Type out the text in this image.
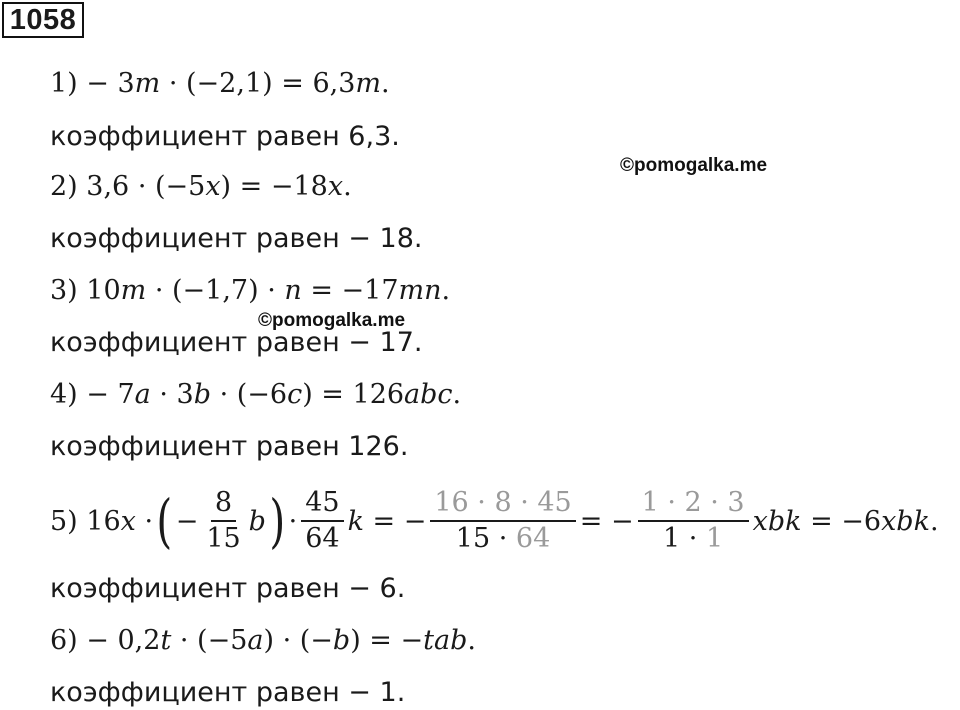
1058
1) − 3𝑚 · (−2,1) = 6,3𝑚.
коэффициент равен 6,3.
©pomogalka.me
2) 3,6 · (−5𝑥) = −18𝑥.
коэффициент равен − 18.
3) 10𝑚 · (−1,7) · 𝑛 = −17𝑚𝑛.
©pomogalka.me
коэффициент равен − 17.
4) − 7𝑎 · 3𝑏 · (−6𝑐) = 126𝑎𝑏𝑐.
коэффициент равен 126.
5) 16𝑥 · ( − $\frac{8}{15}$ 𝑏 ) · $\frac{45}{64}$ 𝑘 = − $\frac{16 \cdot 8 \cdot 45}{15 \cdot 64}$ = − $\frac{1 \cdot 2 \cdot 3}{1 \cdot 1}$ 𝑥𝑏𝑘 = −6𝑥𝑏𝑘.
коэффициент равен − 6.
6) − 0,2𝑡 · (−5𝑎) · (−𝑏) = −𝑡𝑎𝑏.
коэффициент равен − 1.
